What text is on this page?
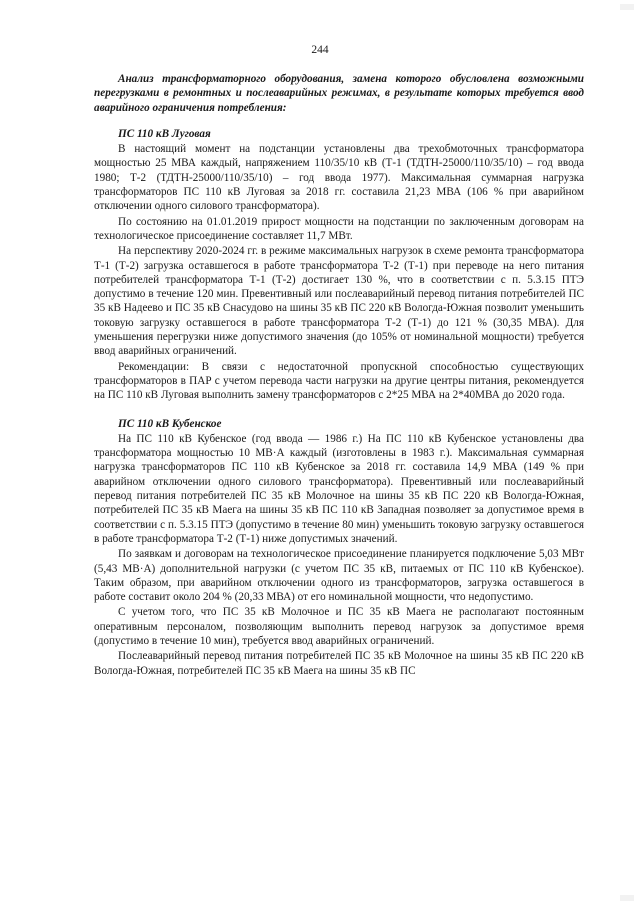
244

Анализ трансформаторного оборудования, замена которого обусловлена возможными перегрузками в ремонтных и послеаварийных режимах, в результате которых требуется ввод аварийного ограничения потребления:

ПС 110 кВ Луговая

В настоящий момент на подстанции установлены два трехобмоточных трансформатора мощностью 25 МВА каждый, напряжением 110/35/10 кВ (Т-1 (ТДТН-25000/110/35/10) – год ввода 1980; Т-2 (ТДТН-25000/110/35/10) – год ввода 1977). Максимальная суммарная нагрузка трансформаторов ПС 110 кВ Луговая за 2018 гг. составила 21,23 МВА (106 % при аварийном отключении одного силового трансформатора).

По состоянию на 01.01.2019 прирост мощности на подстанции по заключенным договорам на технологическое присоединение составляет 11,7 МВт.

На перспективу 2020-2024 гг. в режиме максимальных нагрузок в схеме ремонта трансформатора Т-1 (Т-2) загрузка оставшегося в работе трансформатора Т-2 (Т-1) при переводе на него питания потребителей трансформатора Т-1 (Т-2) достигает 130 %, что в соответствии с п. 5.3.15 ПТЭ допустимо в течение 120 мин. Превентивный или послеаварийный перевод питания потребителей ПС 35 кВ Надеево и ПС 35 кВ Снасудово на шины 35 кВ ПС 220 кВ Вологда-Южная позволит уменьшить токовую загрузку оставшегося в работе трансформатора Т-2 (Т-1) до 121 % (30,35 МВА). Для уменьшения перегрузки ниже допустимого значения (до 105% от номинальной мощности) требуется ввод аварийных ограничений.

Рекомендации: В связи с недостаточной пропускной способностью существующих трансформаторов в ПАР с учетом перевода части нагрузки на другие центры питания, рекомендуется на ПС 110 кВ Луговая выполнить замену трансформаторов с 2*25 МВА на 2*40МВА до 2020 года.

ПС 110 кВ Кубенское

На ПС 110 кВ Кубенское (год ввода — 1986 г.) На ПС 110 кВ Кубенское установлены два трансформатора мощностью 10 МВ·А каждый (изготовлены в 1983 г.). Максимальная суммарная нагрузка трансформаторов ПС 110 кВ Кубенское за 2018 гг. составила 14,9 МВА (149 % при аварийном отключении одного силового трансформатора). Превентивный или послеаварийный перевод питания потребителей ПС 35 кВ Молочное на шины 35 кВ ПС 220 кВ Вологда-Южная, потребителей ПС 35 кВ Маега на шины 35 кВ ПС 110 кВ Западная позволяет за допустимое время в соответствии с п. 5.3.15 ПТЭ (допустимо в течение 80 мин) уменьшить токовую загрузку оставшегося в работе трансформатора Т-2 (Т-1) ниже допустимых значений.

По заявкам и договорам на технологическое присоединение планируется подключение 5,03 МВт (5,43 МВ·А) дополнительной нагрузки (с учетом ПС 35 кВ, питаемых от ПС 110 кВ Кубенское). Таким образом, при аварийном отключении одного из трансформаторов, загрузка оставшегося в работе составит около 204 % (20,33 МВА) от его номинальной мощности, что недопустимо.

С учетом того, что ПС 35 кВ Молочное и ПС 35 кВ Маега не располагают постоянным оперативным персоналом, позволяющим выполнить перевод нагрузок за допустимое время (допустимо в течение 10 мин), требуется ввод аварийных ограничений.

Послеаварийный перевод питания потребителей ПС 35 кВ Молочное на шины 35 кВ ПС 220 кВ Вологда-Южная, потребителей ПС 35 кВ Маега на шины 35 кВ ПС
